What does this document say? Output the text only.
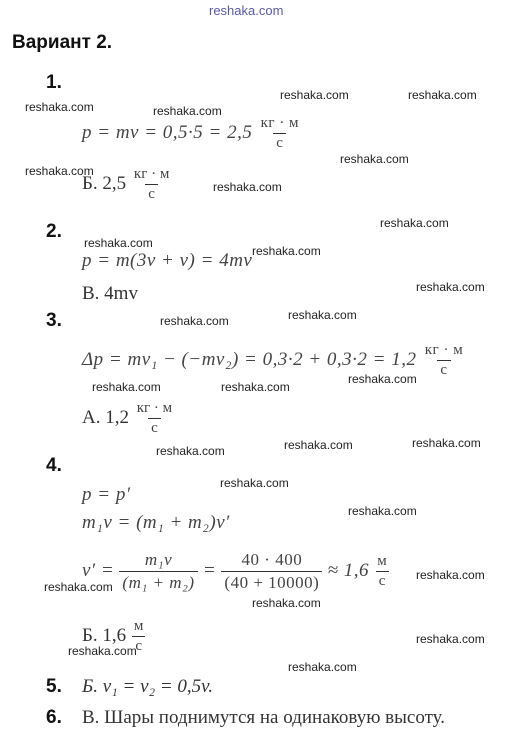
reshaka.com
Вариант 2.
1.
p = mv = $0,5\cdot 5 = 2,5 \frac{кг \cdot м}{с}$
Б. $2,5 \frac{кг \cdot м}{с}$
2.
p = m(3v + v) = 4mv
В. 4mv
3.
$\Delta p = mv_1 - (-mv_2) = 0,3\cdot 2 + 0,3\cdot 2 = 1,2 \frac{кг \cdot м}{с}$
А. $1,2 \frac{кг \cdot м}{с}$
4.
p = p′
m₁v = (m₁ + m₂)v′
$v' = \frac{\text{m₁v}}{\text{(m₁ + m₂)}} = \frac{40 \cdot 400}{(40 + 10000)} \approx 1,6 \frac{м}{с}$
Б. $1,6 \frac{м}{с}$
5. Б. v₁ = v₂ = 0,5v.
6. В. Шары поднимутся на одинаковую высоту.
reshaka.com	reshaka.com
reshaka.com	reshaka.com
reshaka.com
reshaka.com
reshaka.com
reshaka.com
reshaka.com
reshaka.com
reshaka.com
reshaka.com	reshaka.com
reshaka.com	reshaka.com
reshaka.com
reshaka.com	reshaka.com	reshaka.com
reshaka.com
reshaka.com
reshaka.com
reshaka.com
reshaka.com
reshaka.com
reshaka.com
reshaka.com
